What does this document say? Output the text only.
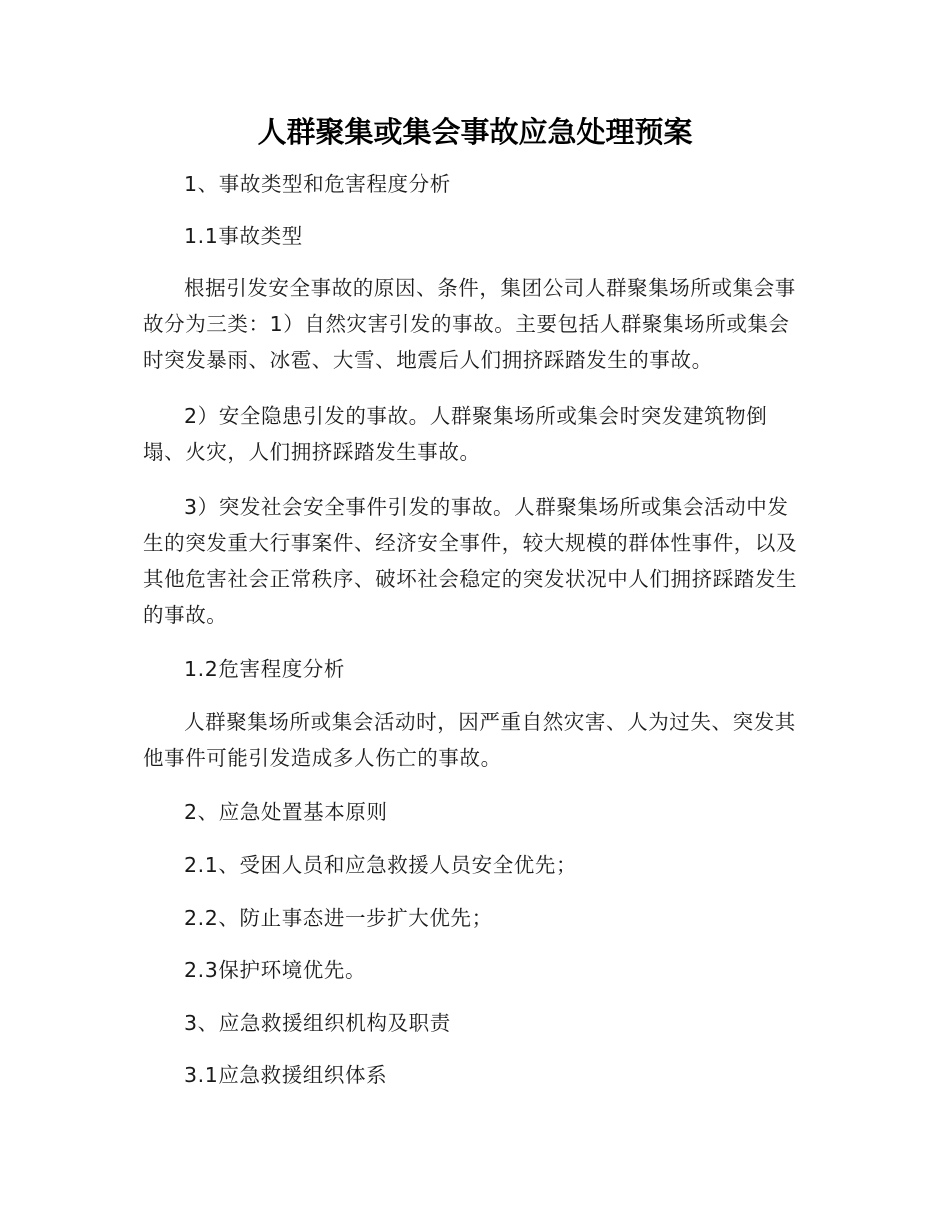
人群聚集或集会事故应急处理预案

1、事故类型和危害程度分析

1.1事故类型

根据引发安全事故的原因、条件，集团公司人群聚集场所或集会事故分为三类：1）自然灾害引发的事故。主要包括人群聚集场所或集会时突发暴雨、冰雹、大雪、地震后人们拥挤踩踏发生的事故。

2）安全隐患引发的事故。人群聚集场所或集会时突发建筑物倒塌、火灾，人们拥挤踩踏发生事故。

3）突发社会安全事件引发的事故。人群聚集场所或集会活动中发生的突发重大行事案件、经济安全事件，较大规模的群体性事件，以及其他危害社会正常秩序、破坏社会稳定的突发状况中人们拥挤踩踏发生的事故。

1.2危害程度分析

人群聚集场所或集会活动时，因严重自然灾害、人为过失、突发其他事件可能引发造成多人伤亡的事故。

2、应急处置基本原则

2.1、受困人员和应急救援人员安全优先；

2.2、防止事态进一步扩大优先；

2.3保护环境优先。

3、应急救援组织机构及职责

3.1应急救援组织体系
